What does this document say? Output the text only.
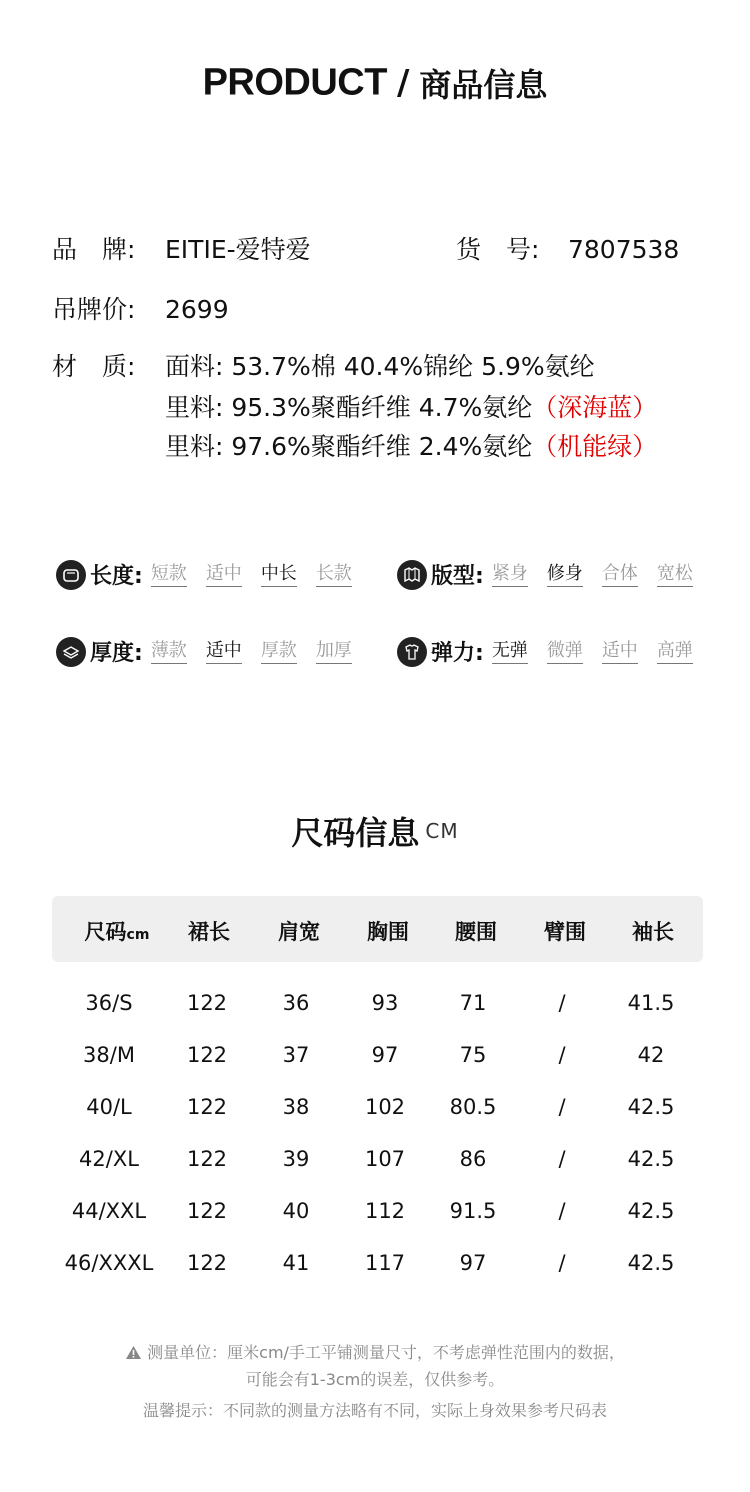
PRODUCT / 商品信息
品　牌: EITIE-爱特爱	货　号: 7807538
吊牌价: 2699
材　质: 面料: 53.7%棉 40.4%锦纶 5.9%氨纶
里料: 95.3%聚酯纤维 4.7%氨纶（深海蓝）
里料: 97.6%聚酯纤维 2.4%氨纶（机能绿）
长度: 短款 适中 中长 长款	版型: 紧身 修身 合体 宽松
厚度: 薄款 适中 厚款 加厚	弹力: 无弹 微弹 适中 高弹
尺码信息 CM
尺码cm 裙长 肩宽 胸围 腰围 臂围 袖长
36/S	122	36	93	71	/	41.5
38/M 122	37	97	75	/	42
40/L	122	38	102 80.5	/	42.5
42/XL 122	39	107	86	/	42.5
44/XXL 122	40	112 91.5	/	42.5
46/XXXL 122	41	117	97	/	42.5
测量单位：厘米cm/手工平铺测量尺寸，不考虑弹性范围内的数据，
可能会有1-3cm的误差，仅供参考。
温馨提示：不同款的测量方法略有不同，实际上身效果参考尺码表
